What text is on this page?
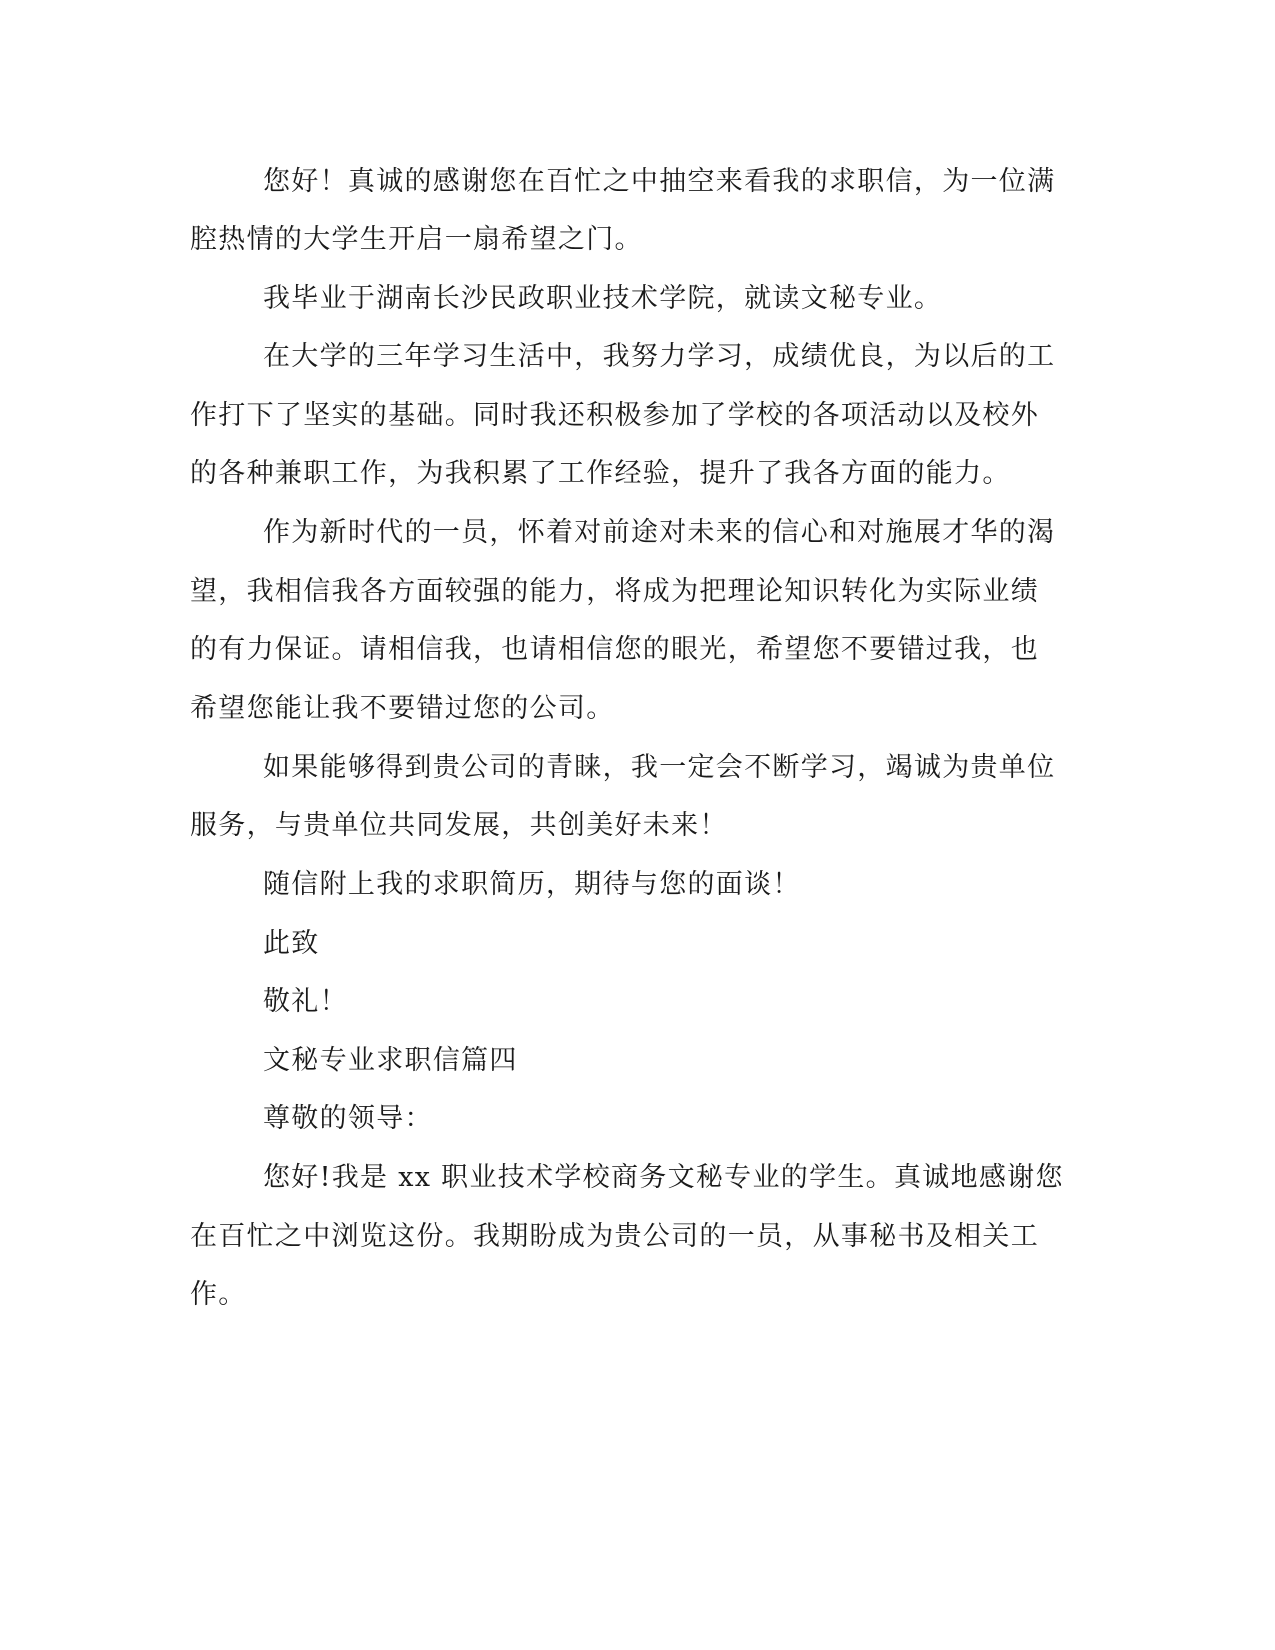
您好！真诚的感谢您在百忙之中抽空来看我的求职信，为一位满
腔热情的大学生开启一扇希望之门。
我毕业于湖南长沙民政职业技术学院，就读文秘专业。
在大学的三年学习生活中，我努力学习，成绩优良，为以后的工
作打下了坚实的基础。同时我还积极参加了学校的各项活动以及校外
的各种兼职工作，为我积累了工作经验，提升了我各方面的能力。
作为新时代的一员，怀着对前途对未来的信心和对施展才华的渴
望，我相信我各方面较强的能力，将成为把理论知识转化为实际业绩
的有力保证。请相信我，也请相信您的眼光，希望您不要错过我，也
希望您能让我不要错过您的公司。
如果能够得到贵公司的青睐，我一定会不断学习，竭诚为贵单位
服务，与贵单位共同发展，共创美好未来！
随信附上我的求职简历，期待与您的面谈！
此致
敬礼！
文秘专业求职信篇四
尊敬的领导：
您好!我是 xx 职业技术学校商务文秘专业的学生。真诚地感谢您
在百忙之中浏览这份。我期盼成为贵公司的一员，从事秘书及相关工
作。
